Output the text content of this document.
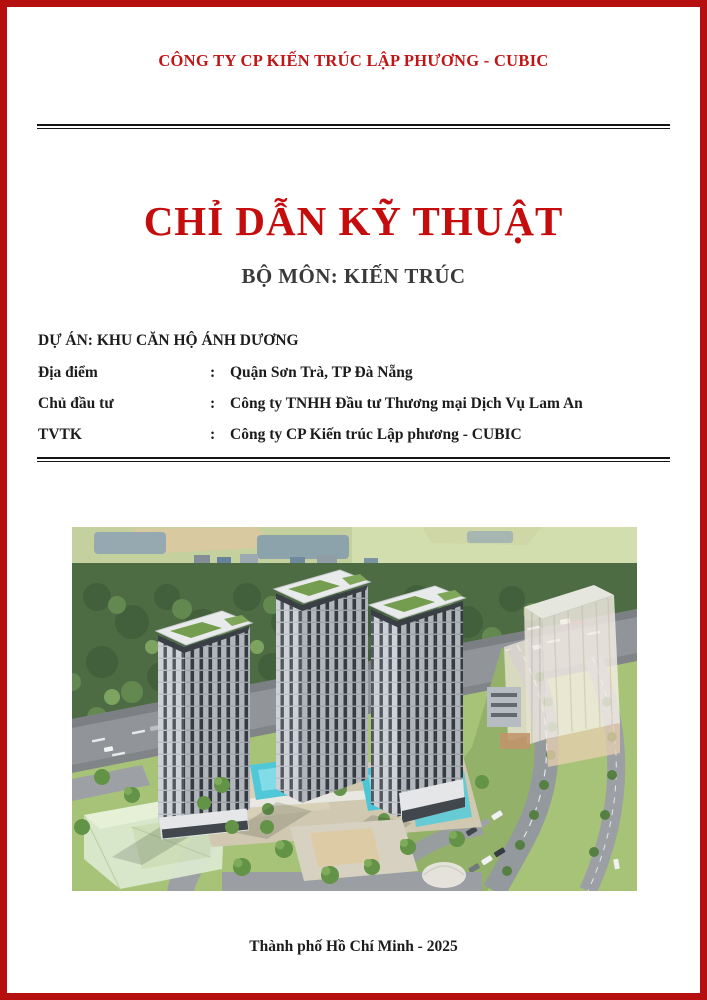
CÔNG TY CP KIẾN TRÚC LẬP PHƯƠNG - CUBIC
CHỈ DẪN KỸ THUẬT
BỘ MÔN: KIẾN TRÚC
DỰ ÁN: KHU CĂN HỘ ÁNH DƯƠNG
Địa điểm	: Quận Sơn Trà, TP Đà Nẵng
Chủ đầu tư	: Công ty TNHH Đầu tư Thương mại Dịch Vụ Lam An
TVTK	: Công ty CP Kiến trúc Lập phương - CUBIC
Thành phố Hồ Chí Minh - 2025
